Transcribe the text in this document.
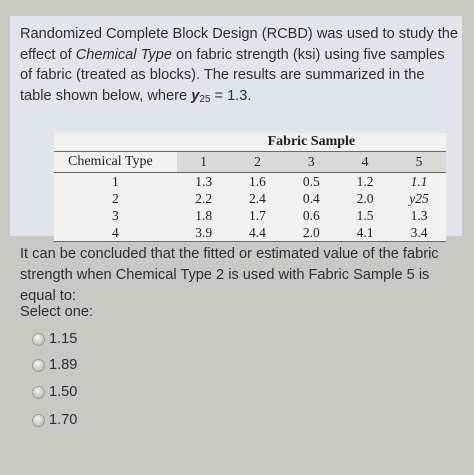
Randomized Complete Block Design (RCBD) was used to study the effect of Chemical Type on fabric strength (ksi) using five samples of fabric (treated as blocks). The results are summarized in the table shown below, where $y_{25} = 1.3$.
	Fabric Sample				
Chemical Type	1	2	3	4	5
1	1.3	1.6	0.5	1.2	1.1
2	2.2	2.4	0.4	2.0	y25
3	1.8	1.7	0.6	1.5	1.3
4	3.9	4.4	2.0	4.1	3.4
It can be concluded that the fitted or estimated value of the fabric strength when Chemical Type 2 is used with Fabric Sample 5 is equal to:
Select one:
1.15
1.89
1.50
1.70
